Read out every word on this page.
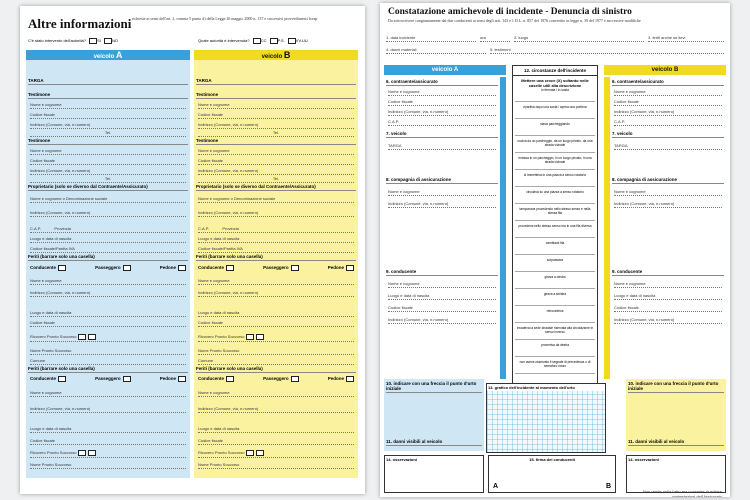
Altre informazioni richieste ai sensi dell'art. 2, comma 5 punto d) della Legge 26 maggio 2000 n. 137 e successivi provvedimenti Isvap
C'è stato intervento dell'autorità?	SI	NO	Quale autorità è intervenuta?	CC	P.S.	VV.UU.
veicolo A
TARGA
Testimone
Nome e cognome
Codice fiscale
Indirizzo (Comune, via, n.numero)
Tel.
Testimone
Nome e cognome
Codice fiscale
Indirizzo (Comune, via, n.numero)
Tel.
Proprietario (solo se diverso dal Contraente/Assicurato)
Nome e cognome o Denominazione sociale
Indirizzo (Comune, via, n.numero)
C.A.P.	Provincia
Luogo e data di nascita
Codice fiscale/Partita IVA
Feriti (barrare solo una casella)
Conducente	Passeggero	Pedone
Nome e cognome
Indirizzo (Comune, via, n.numero)
Luogo e data di nascita
Codice fiscale
Ricovero Pronto Soccorso
Nome Pronto Soccorso
Comune
Feriti (barrare solo una casella)
Conducente	Passeggero	Pedone
Nome e cognome
Indirizzo (Comune, via, n.numero)
Luogo e data di nascita
Codice fiscale
Ricovero Pronto Soccorso
Nome Pronto Soccorso
veicolo B
TARGA
Testimone
Nome e cognome
Codice fiscale
Indirizzo (Comune, via, n.numero)
Tel.
Testimone
Nome e cognome
Codice fiscale
Indirizzo (Comune, via, n.numero)
Tel.
Proprietario (solo se diverso dal Contraente/Assicurato)
Nome e cognome o Denominazione sociale
Indirizzo (Comune, via, n.numero)
C.A.P.	Provincia
Luogo e data di nascita
Codice fiscale/Partita IVA
Feriti (barrare solo una casella)
Conducente	Passeggero	Pedone
Nome e cognome
Indirizzo (Comune, via, n.numero)
Luogo e data di nascita
Codice fiscale
Ricovero Pronto Soccorso
Nome Pronto Soccorso
Comune
Feriti (barrare solo una casella)
Conducente	Passeggero	Pedone
Nome e cognome
Indirizzo (Comune, via, n.numero)
Luogo e data di nascita
Codice fiscale
Ricovero Pronto Soccorso
Nome Pronto Soccorso
Constatazione amichevole di incidente - Denuncia di sinistro
Da sottoscrivere congiuntamente dai due conducenti ai sensi degli artt. 143 e 1 D.L. n. 857 del 1976 convertito in legge n. 39 del 1977 e successive modifiche
1. data incidente	ora	2. luogo	3. feriti anche se lievi
4. danni materiali	5. testimoni
veicolo A	veicolo B
6. contraente/assicurato
Nome e cognome
Codice fiscale
Indirizzo (Comune, via, n.numero)
C.A.P.
7. veicolo
TARGA
8. compagnia di assicurazione
Nome e cognome
Indirizzo (Comune, via, n.numero)
9. conducente
Nome e cognome
Luogo e data di nascita
Codice fiscale
Indirizzo (Comune, via, n.numero)
6. contraente/assicurato
Nome e cognome
Codice fiscale
Indirizzo (Comune, via, n.numero)
C.A.P.
7. veicolo
TARGA
8. compagnia di assicurazione
Nome e cognome
Indirizzo (Comune, via, n.numero)
9. conducente
Nome e cognome
Luogo e data di nascita
Codice fiscale
Indirizzo (Comune, via, n.numero)
12. circostanze dell'incidente
Mettere una croce (X) soltanto nelle caselle utili alla descrizione
in fermata / in sosta
ripartiva dopo una sosta / apriva una portiera
stava parcheggiando
usciva da un parcheggio, da un luogo privato, da una strada vicinale
entrava in un parcheggio, in un luogo privato, in una strada vicinale
si immetteva in una piazza a senso rotatorio
circolava su una piazza a senso rotatorio
tamponava procedendo nello stesso senso e nella stessa fila
procedeva nello stesso senso ma in una fila diversa
cambiava fila
sorpassava
girava a destra
girava a sinistra
retrocedeva
invadeva la sede stradale riservata alla circolazione in senso inverso
proveniva da destra
non aveva osservato il segnale di precedenza o di semaforo rosso
10. indicare con una freccia il punto d'urto iniziale
11. danni visibili al veicolo
13. grafico dell'incidente al momento dell'urto
10. indicare con una freccia il punto d'urto iniziale
11. danni visibili al veicolo
14. osservazioni	15. firma dei conducenti
A	B
14. osservazioni
Non rende nulla l'atto ma consente di evitare contestazioni dell'Assicurato
